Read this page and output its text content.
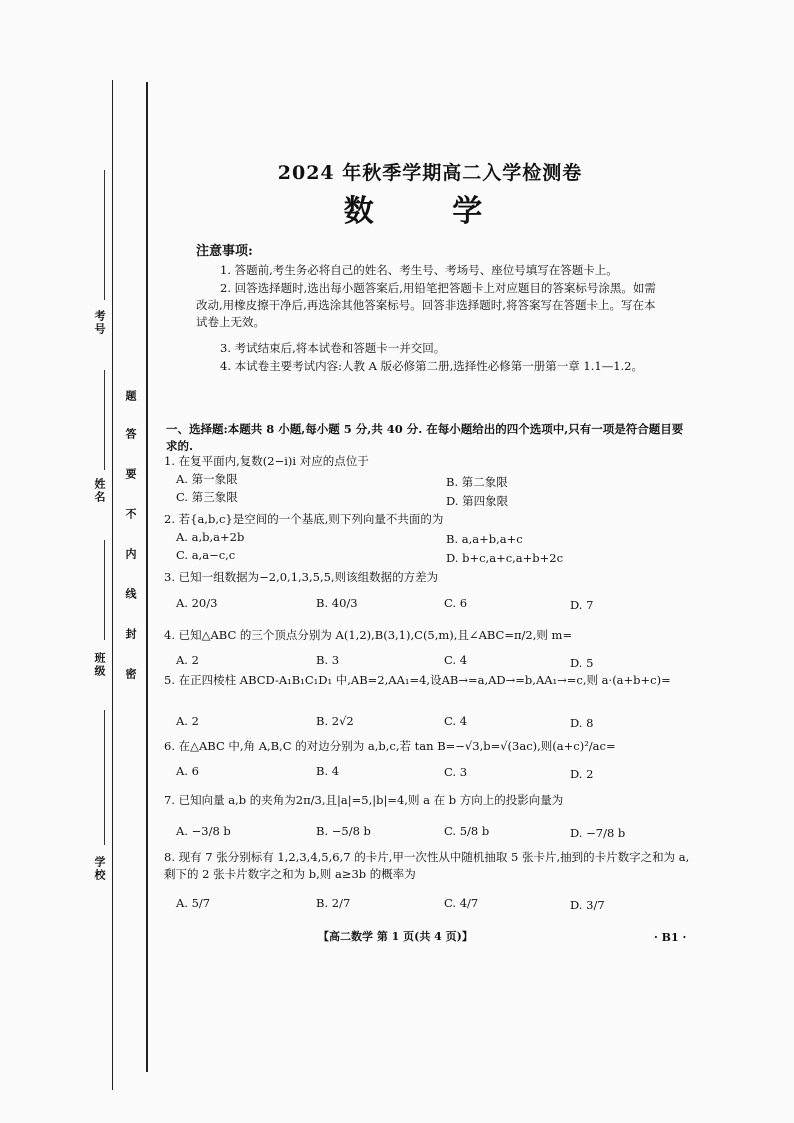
考号
姓名
班级
学校
题
答
要
不
内
线
封
密
2024 年秋季学期高二入学检测卷
数 学
注意事项:
1. 答题前,考生务必将自己的姓名、考生号、考场号、座位号填写在答题卡上。
2. 回答选择题时,选出每小题答案后,用铅笔把答题卡上对应题目的答案标号涂黑。如需改动,用橡皮擦干净后,再选涂其他答案标号。回答非选择题时,将答案写在答题卡上。写在本试卷上无效。
3. 考试结束后,将本试卷和答题卡一并交回。
4. 本试卷主要考试内容:人教 A 版必修第二册,选择性必修第一册第一章 1.1—1.2。
一、选择题:本题共 8 小题,每小题 5 分,共 40 分. 在每小题给出的四个选项中,只有一项是符合题目要求的.
1. 在复平面内,复数(2−i)i 对应的点位于
A. 第一象限	B. 第二象限
C. 第三象限	D. 第四象限
2. 若{a,b,c}是空间的一个基底,则下列向量不共面的为
A. a,b,a+2b	B. a,a+b,a+c
C. a,a−c,c	D. b+c,a+c,a+b+2c
3. 已知一组数据为−2,0,1,3,5,5,则该组数据的方差为
A. 20/3	B. 40/3	C. 6	D. 7
4. 已知△ABC 的三个顶点分别为 A(1,2),B(3,1),C(5,m),且∠ABC=π/2,则 m=
A. 2	B. 3	C. 4	D. 5
5. 在正四棱柱 ABCD-A₁B₁C₁D₁ 中,AB=2,AA₁=4,设AB→=a,AD→=b,AA₁→=c,则 a·(a+b+c)=
A. 2	B. 2√2	C. 4	D. 8
6. 在△ABC 中,角 A,B,C 的对边分别为 a,b,c,若 tan B=−√3,b=√(3ac),则(a+c)²/ac=
A. 6	B. 4	C. 3	D. 2
7. 已知向量 a,b 的夹角为2π/3,且|a|=5,|b|=4,则 a 在 b 方向上的投影向量为
A. −3/8 b	B. −5/8 b	C. 5/8 b	D. −7/8 b
8. 现有 7 张分别标有 1,2,3,4,5,6,7 的卡片,甲一次性从中随机抽取 5 张卡片,抽到的卡片数字之和为 a,剩下的 2 张卡片数字之和为 b,则 a≥3b 的概率为
A. 5/7	B. 2/7	C. 4/7	D. 3/7
【高二数学 第 1 页(共 4 页)】	· B1 ·
